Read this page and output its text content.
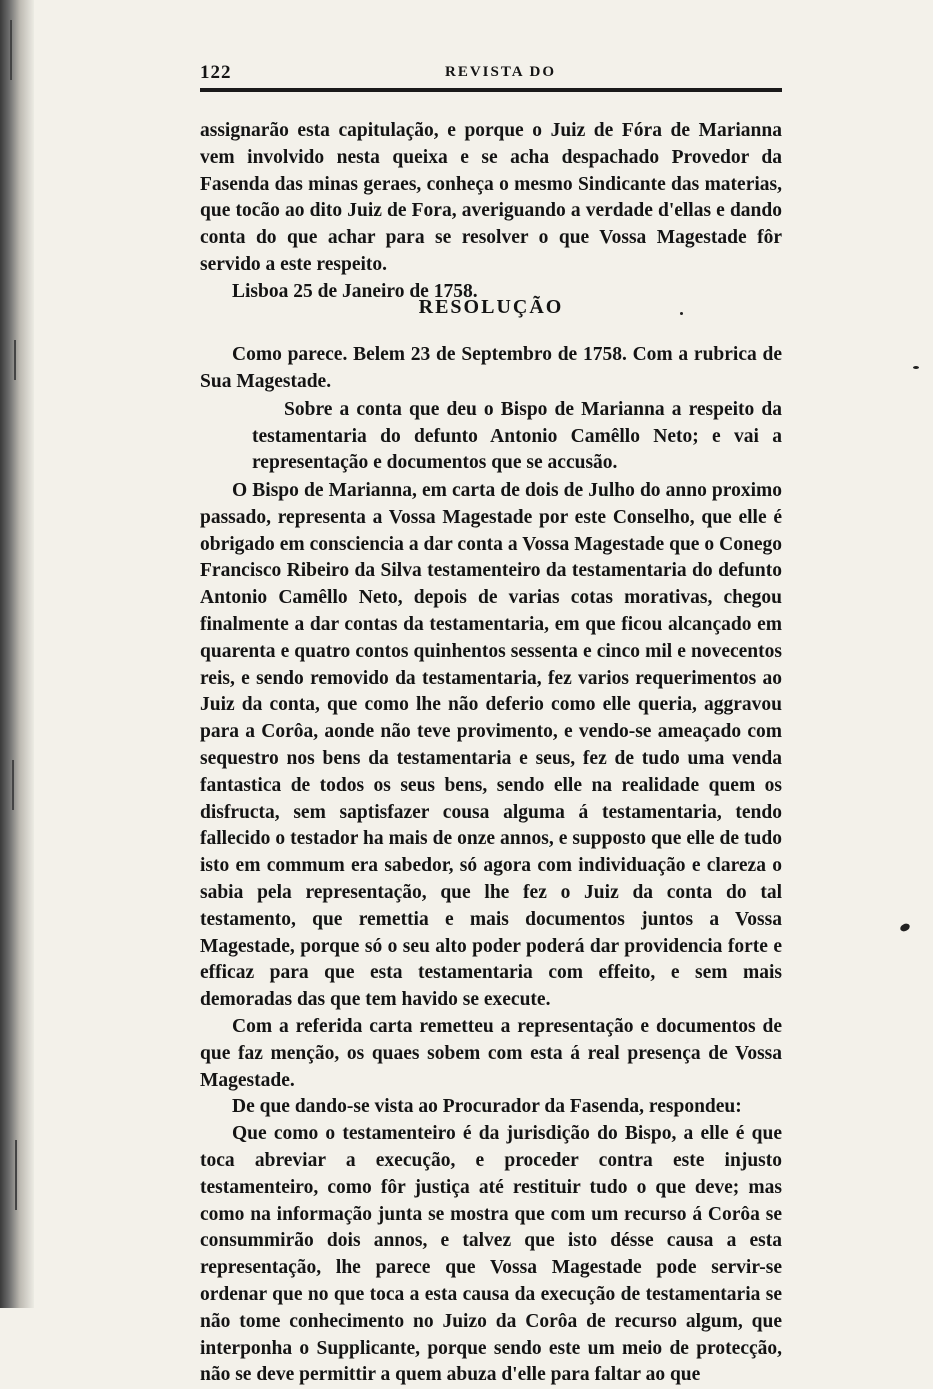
122	REVISTA DO

assignarão esta capitulação, e porque o Juiz de Fóra de Marianna vem involvido nesta queixa e se acha despachado Provedor da Fasenda das minas geraes, conheça o mesmo Sindicante das materias, que tocão ao dito Juiz de Fora, averiguando a verdade d'ellas e dando conta do que achar para se resolver o que Vossa Magestade fôr servido a este respeito.

Lisboa 25 de Janeiro de 1758.

RESOLUÇÃO

Como parece. Belem 23 de Septembro de 1758. Com a rubrica de Sua Magestade.

Sobre a conta que deu o Bispo de Marianna a respeito da testamentaria do defunto Antonio Camêllo Neto; e vai a representação e documentos que se accusão.

O Bispo de Marianna, em carta de dois de Julho do anno proximo passado, representa a Vossa Magestade por este Conselho, que elle é obrigado em consciencia a dar conta a Vossa Magestade que o Conego Francisco Ribeiro da Silva testamenteiro da testamentaria do defunto Antonio Camêllo Neto, depois de varias cotas morativas, chegou finalmente a dar contas da testamentaria, em que ficou alcançado em quarenta e quatro contos quinhentos sessenta e cinco mil e novecentos reis, e sendo removido da testamentaria, fez varios requerimentos ao Juiz da conta, que como lhe não deferio como elle queria, aggravou para a Corôa, aonde não teve provimento, e vendo-se ameaçado com sequestro nos bens da testamentaria e seus, fez de tudo uma venda fantastica de todos os seus bens, sendo elle na realidade quem os disfructa, sem saptisfazer cousa alguma á testamentaria, tendo fallecido o testador ha mais de onze annos, e supposto que elle de tudo isto em commum era sabedor, só agora com individuação e clareza o sabia pela representação, que lhe fez o Juiz da conta do tal testamento, que remettia e mais documentos juntos a Vossa Magestade, porque só o seu alto poder poderá dar providencia forte e efficaz para que esta testamentaria com effeito, e sem mais demoradas das que tem havido se execute.

Com a referida carta remetteu a representação e documentos de que faz menção, os quaes sobem com esta á real presença de Vossa Magestade.

De que dando-se vista ao Procurador da Fasenda, respondeu:

Que como o testamenteiro é da jurisdição do Bispo, a elle é que toca abreviar a execução, e proceder contra este injusto testamenteiro, como fôr justiça até restituir tudo o que deve; mas como na informação junta se mostra que com um recurso á Corôa se consummirão dois annos, e talvez que isto désse causa a esta representação, lhe parece que Vossa Magestade pode servir-se ordenar que no que toca a esta causa da execução de testamentaria se não tome conhecimento no Juizo da Corôa de recurso algum, que interponha o Supplicante, porque sendo este um meio de protecção, não se deve permittir a quem abuza d'elle para faltar ao que
